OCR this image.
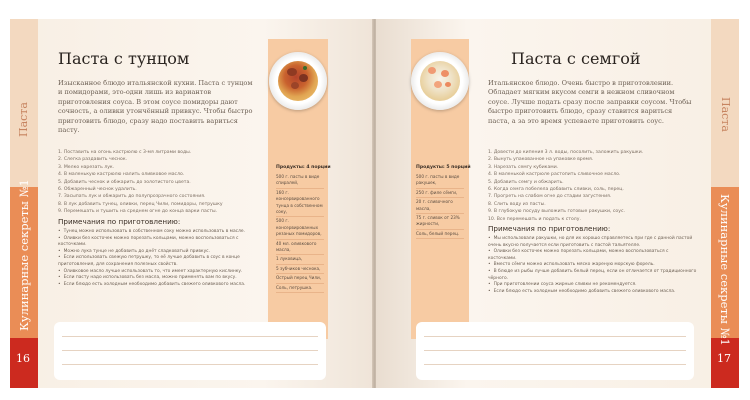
Паста
Кулинарные секреты №1
16
Паста с тунцом
Изысканное блюдо итальянской кухни. Паста с тунцом и помидорами, это-одни лишь из вариантов приготовления соуса. В этом соусе помидоры дают сочность, а оливки утончённый привкус. Чтобы быстро приготовить блюдо, сразу надо поставить вариться пасту.
1. Поставить на огонь кастрюлю с 3-мя литрами воды.
2. Слегка раздавить чеснок.
3. Мелко нарезать лук.
4. В маленькую кастрюлю налить оливковое масло.
5. Добавить чеснок и обжарить до золотистого цвета.
6. Обжаренный чеснок удалить.
7. Засыпать лук и обжарить до полупрозрачного состояния.
8. В лук добавить тунец, оливки, перец Чили, помидоры, петрушку
9. Перемешать и тушить на среднем огне до конца варки пасты.
Примечания по приготовлению:
• Тунец можно использовать в собственном соку можно использовать в масле.
• Оливки без косточек можно порезать кольцами, можно воспользоваться с косточками.
• Можно лука тунце не добавить до днёт сладковатый привкус.
• Если использовать свежую петрушку, то её лучше добавить в соус в конце приготовления, для сохранения полезных свойств.
• Оливковое масло лучше использовать то, что имеет характерную кислинку.
• Если пасту надо использовать без масла, можно применять вам по вкусу.
• Если блюдо есть холодным необходимо добавить свежего оливкового масла.
Продукты: 4 порции
500 г. пасты в виде спиралей,
160 г. консервированного тунца в собственном соку,
500 г. консервированных резаных помидоров,
40 мл. оливкового масла,
1 луковица,
5 зубчиков чеснока,
Острый перец Чили,
Соль, петрушка.
Продукты: 5 порций
500 г. пасты в виде ракушек,
250 г. филе сёмги,
20 г. сливочного масла,
75 г. сливок от 23% жирности,
Соль, белый перец.
Паста с семгой
Итальянское блюдо. Очень быстро в приготовлении. Обладает мягким вкусом семги в нежном сливочном соусе. Лучше подать сразу после заправки соусом. Чтобы быстро приготовить блюдо, сразу ставится вариться паста, а за это время успеваете приготовить соус.
1. Довести до кипения 3 л. воды, посолить, заложить ракушки.
2. Вынуть упакованное на упаковке время.
3. Нарезать семгу кубиками.
4. В маленькой кастрюле растопить сливочное масло.
5. Добавить семгу и обжарить.
6. Когда семга побелела добавить сливки, соль, перец.
7. Прогреть на слабом огне до стадии загустения.
8. Слить воду из пасты.
9. В глубокую посуду выложить готовые ракушки, соус.
10. Все перемешать и подать к столу.
Примечания по приготовлению:
• Мы использовали ракушки, но для их хорошо справляетесь при где с данной пастой очень вкусно получается если приготовить с пастой тальятелле.
• Оливки без косточек можно порезать кольцами, можно воспользоваться с косточками.
• Вместо сёмги можно использовать мяско жареную морскую форель.
• В блюде из рыбы лучше добавить белый перец, если он отличается от традиционного чёрного.
• При приготовлении соуса жирные сливки не рекомендуется.
• Если блюдо есть холодным необходимо добавить свежего оливкового масла.
Паста
Кулинарные секреты №1
17
